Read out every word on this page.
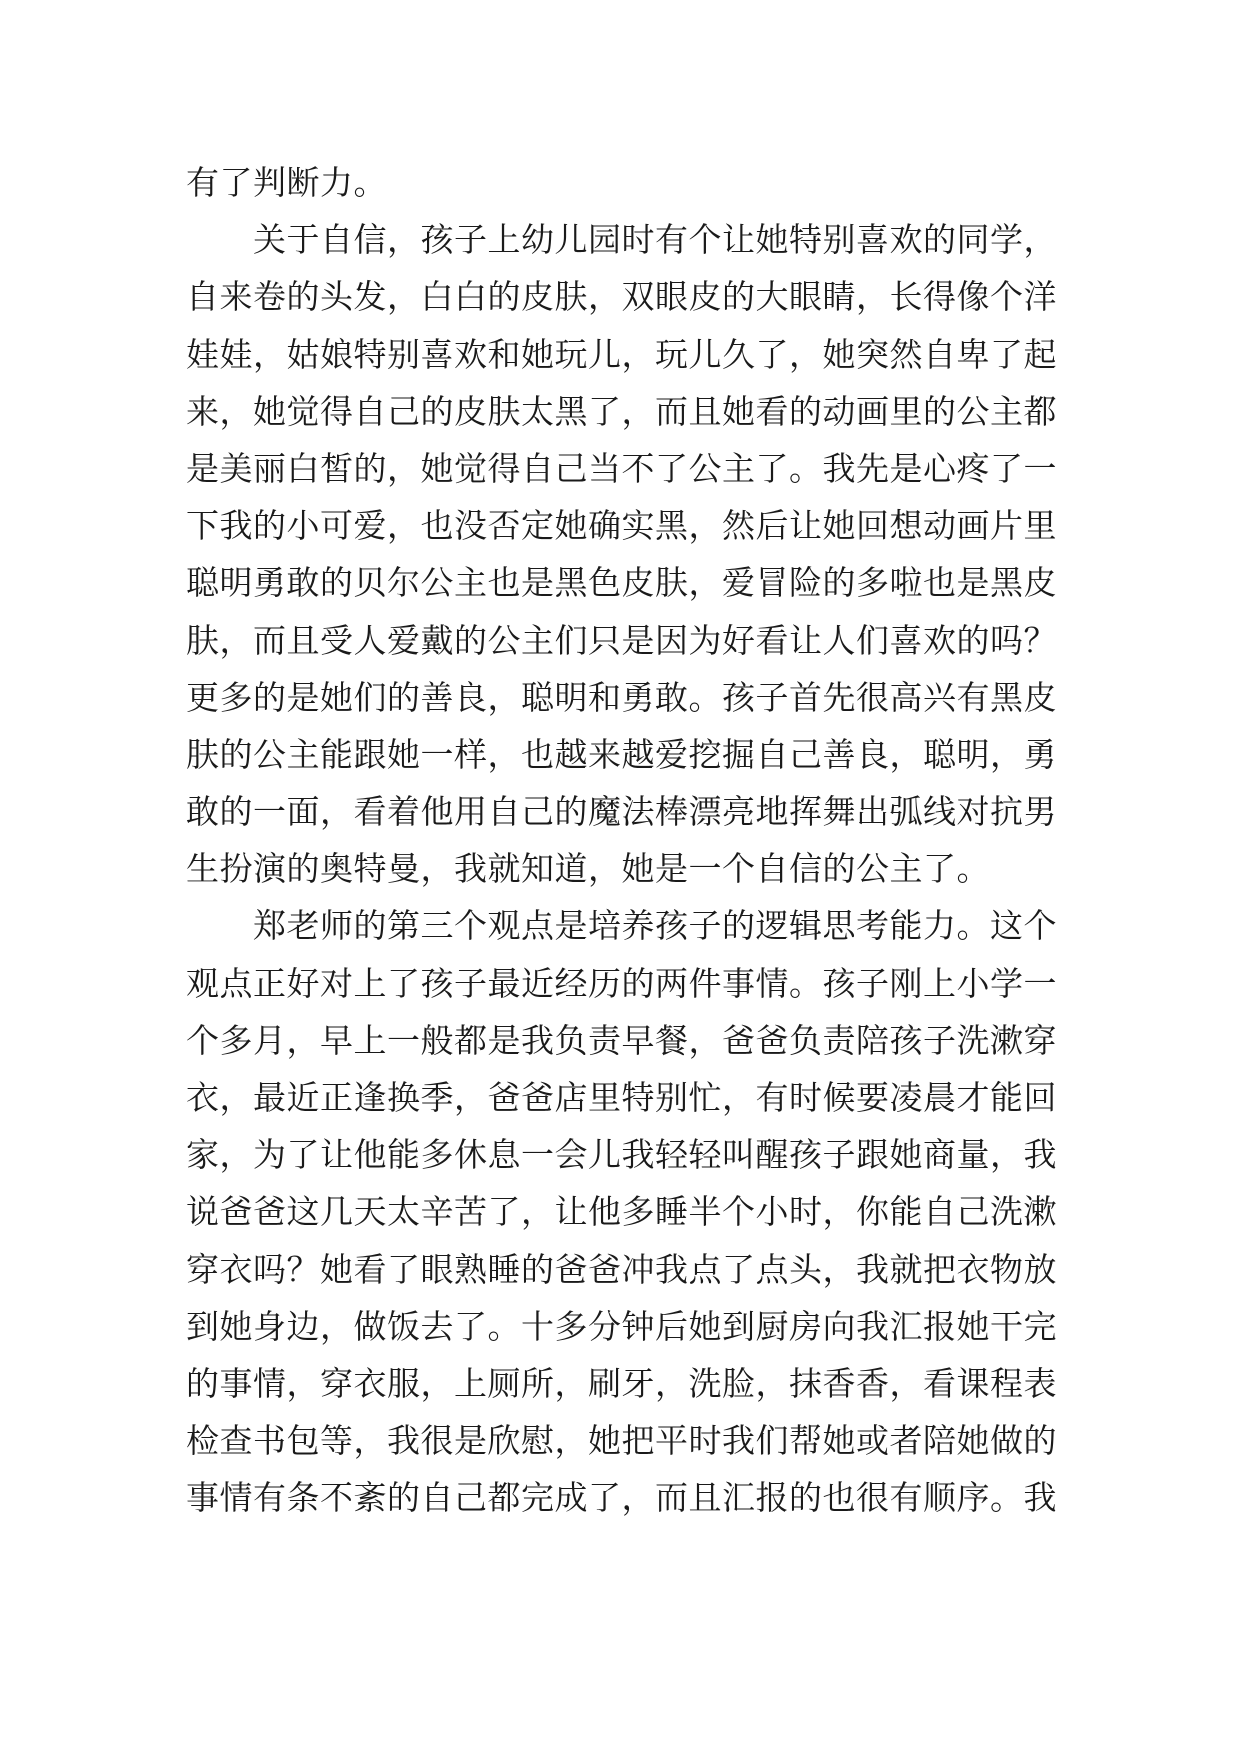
有了判断力。
　　关于自信，孩子上幼儿园时有个让她特别喜欢的同学，
自来卷的头发，白白的皮肤，双眼皮的大眼睛，长得像个洋
娃娃，姑娘特别喜欢和她玩儿，玩儿久了，她突然自卑了起
来，她觉得自己的皮肤太黑了，而且她看的动画里的公主都
是美丽白皙的，她觉得自己当不了公主了。我先是心疼了一
下我的小可爱，也没否定她确实黑，然后让她回想动画片里
聪明勇敢的贝尔公主也是黑色皮肤，爱冒险的多啦也是黑皮
肤，而且受人爱戴的公主们只是因为好看让人们喜欢的吗？
更多的是她们的善良，聪明和勇敢。孩子首先很高兴有黑皮
肤的公主能跟她一样，也越来越爱挖掘自己善良，聪明，勇
敢的一面，看着他用自己的魔法棒漂亮地挥舞出弧线对抗男
生扮演的奥特曼，我就知道，她是一个自信的公主了。
　　郑老师的第三个观点是培养孩子的逻辑思考能力。这个
观点正好对上了孩子最近经历的两件事情。孩子刚上小学一
个多月，早上一般都是我负责早餐，爸爸负责陪孩子洗漱穿
衣，最近正逢换季，爸爸店里特别忙，有时候要凌晨才能回
家，为了让他能多休息一会儿我轻轻叫醒孩子跟她商量，我
说爸爸这几天太辛苦了，让他多睡半个小时，你能自己洗漱
穿衣吗？她看了眼熟睡的爸爸冲我点了点头，我就把衣物放
到她身边，做饭去了。十多分钟后她到厨房向我汇报她干完
的事情，穿衣服，上厕所，刷牙，洗脸，抹香香，看课程表
检查书包等，我很是欣慰，她把平时我们帮她或者陪她做的
事情有条不紊的自己都完成了，而且汇报的也很有顺序。我
